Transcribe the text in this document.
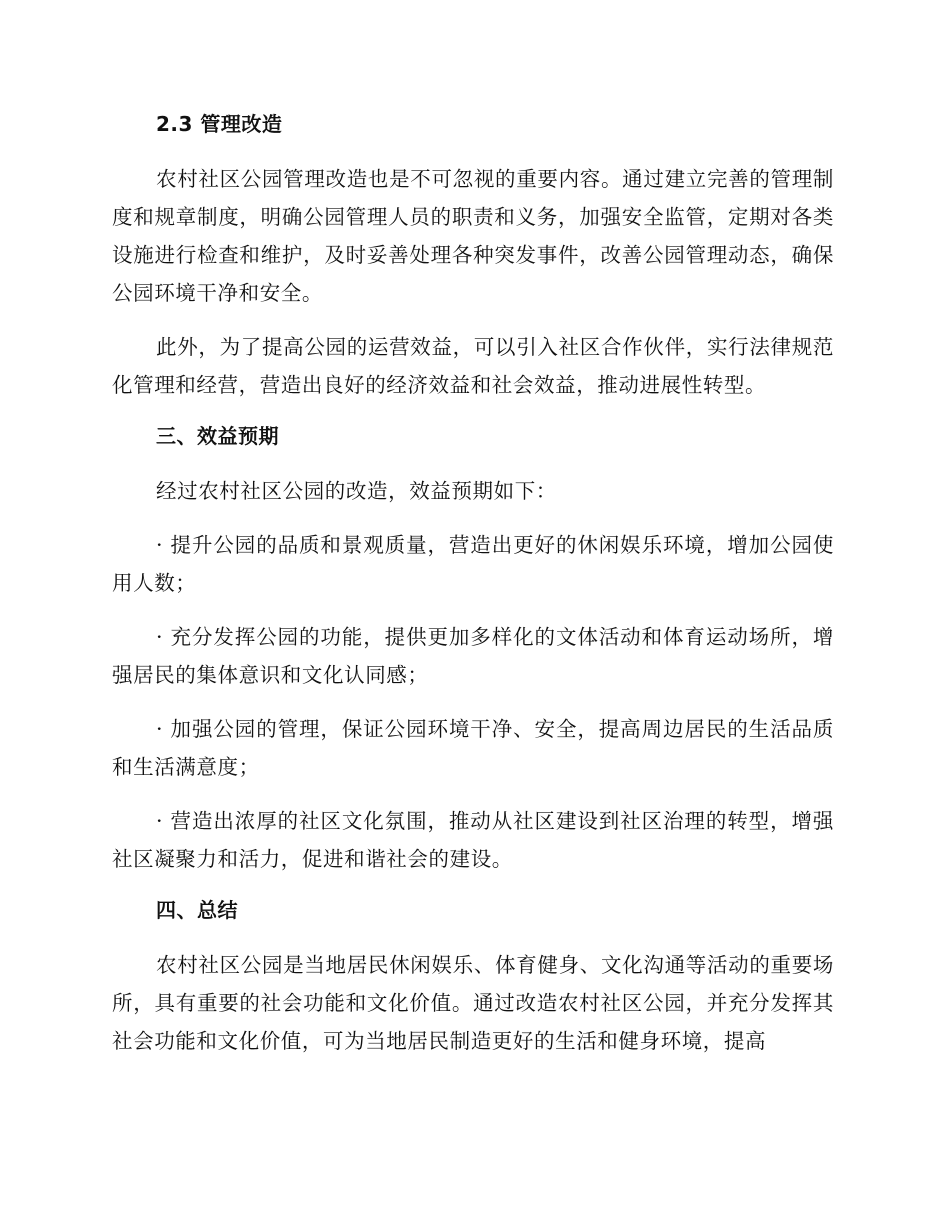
2.3 管理改造

农村社区公园管理改造也是不可忽视的重要内容。通过建立完善的管理制度和规章制度，明确公园管理人员的职责和义务，加强安全监管，定期对各类设施进行检查和维护，及时妥善处理各种突发事件，改善公园管理动态，确保公园环境干净和安全。

此外，为了提高公园的运营效益，可以引入社区合作伙伴，实行法律规范化管理和经营，营造出良好的经济效益和社会效益，推动进展性转型。

三、效益预期

经过农村社区公园的改造，效益预期如下：

· 提升公园的品质和景观质量，营造出更好的休闲娱乐环境，增加公园使用人数；

· 充分发挥公园的功能，提供更加多样化的文体活动和体育运动场所，增强居民的集体意识和文化认同感；

· 加强公园的管理，保证公园环境干净、安全，提高周边居民的生活品质和生活满意度；

· 营造出浓厚的社区文化氛围，推动从社区建设到社区治理的转型，增强社区凝聚力和活力，促进和谐社会的建设。

四、总结

农村社区公园是当地居民休闲娱乐、体育健身、文化沟通等活动的重要场所，具有重要的社会功能和文化价值。通过改造农村社区公园，并充分发挥其社会功能和文化价值，可为当地居民制造更好的生活和健身环境，提高
